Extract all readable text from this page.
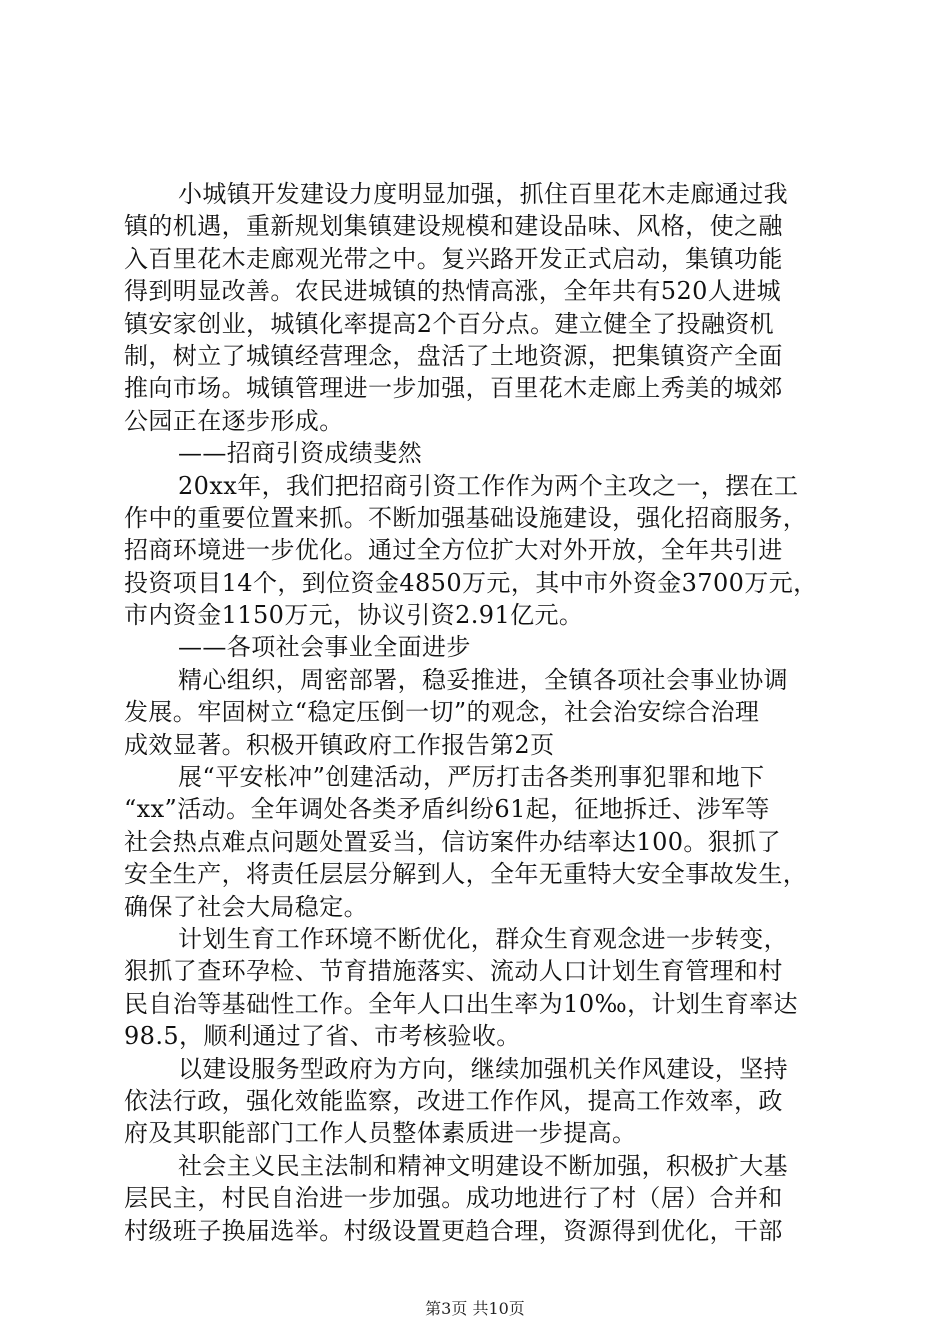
小城镇开发建设力度明显加强，抓住百里花木走廊通过我
镇的机遇，重新规划集镇建设规模和建设品味、风格，使之融
入百里花木走廊观光带之中。复兴路开发正式启动，集镇功能
得到明显改善。农民进城镇的热情高涨，全年共有520人进城
镇安家创业，城镇化率提高2个百分点。建立健全了投融资机
制，树立了城镇经营理念，盘活了土地资源，把集镇资产全面
推向市场。城镇管理进一步加强，百里花木走廊上秀美的城郊
公园正在逐步形成。
——招商引资成绩斐然
20xx年，我们把招商引资工作作为两个主攻之一，摆在工
作中的重要位置来抓。不断加强基础设施建设，强化招商服务，
招商环境进一步优化。通过全方位扩大对外开放，全年共引进
投资项目14个，到位资金4850万元，其中市外资金3700万元，
市内资金1150万元，协议引资2.91亿元。
——各项社会事业全面进步
精心组织，周密部署，稳妥推进，全镇各项社会事业协调
发展。牢固树立“稳定压倒一切”的观念，社会治安综合治理
成效显著。积极开镇政府工作报告第2页
展“平安枨冲”创建活动，严厉打击各类刑事犯罪和地下
“xx”活动。全年调处各类矛盾纠纷61起，征地拆迁、涉军等
社会热点难点问题处置妥当，信访案件办结率达100。狠抓了
安全生产，将责任层层分解到人，全年无重特大安全事故发生，
确保了社会大局稳定。
计划生育工作环境不断优化，群众生育观念进一步转变，
狠抓了查环孕检、节育措施落实、流动人口计划生育管理和村
民自治等基础性工作。全年人口出生率为10‰，计划生育率达
98.5，顺利通过了省、市考核验收。
以建设服务型政府为方向，继续加强机关作风建设，坚持
依法行政，强化效能监察，改进工作作风，提高工作效率，政
府及其职能部门工作人员整体素质进一步提高。
社会主义民主法制和精神文明建设不断加强，积极扩大基
层民主，村民自治进一步加强。成功地进行了村（居）合并和
村级班子换届选举。村级设置更趋合理，资源得到优化，干部
第3页 共10页
